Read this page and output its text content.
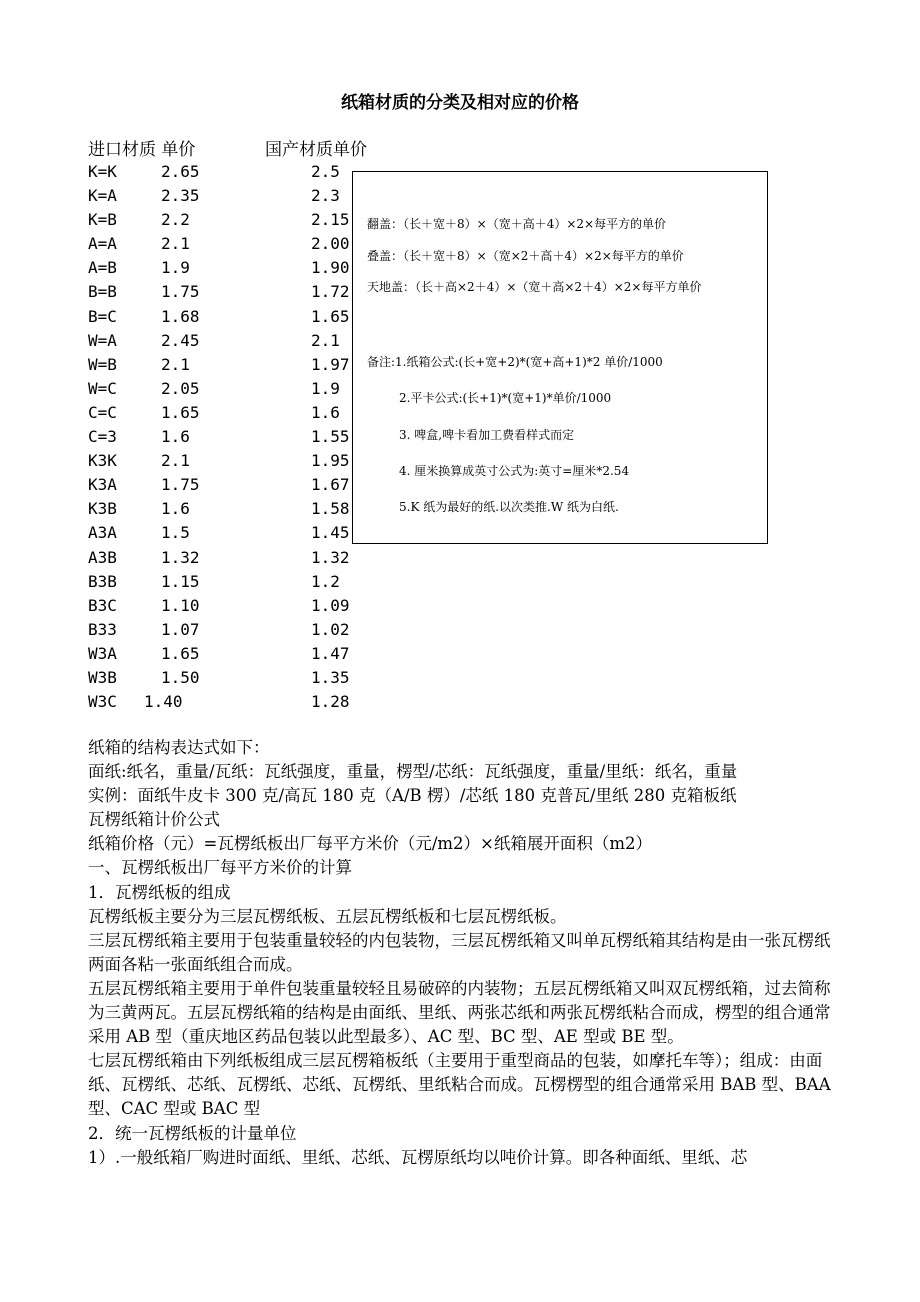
纸箱材质的分类及相对应的价格
进口材质 单价	国产材质单价
K=K	2.65	2.5
K=A	2.35	2.3
K=B	2.2	2.15
A=A	2.1	2.00
A=B	1.9	1.90
B=B	1.75	1.72
B=C	1.68	1.65
W=A	2.45	2.1
W=B	2.1	1.97
W=C	2.05	1.9
C=C	1.65	1.6
C=3	1.6	1.55
K3K	2.1	1.95
K3A	1.75	1.67
K3B	1.6	1.58
A3A	1.5	1.45
A3B	1.32	1.32
B3B	1.15	1.2
B3C	1.10	1.09
B33	1.07	1.02
W3A	1.65	1.47
W3B	1.50	1.35
W3C 1.40	1.28

翻盖：（长＋宽＋8）×（宽＋高＋4）×2×每平方的单价

叠盖：（长＋宽＋8）×（宽×2＋高＋4）×2×每平方的单价

天地盖：（长＋高×2＋4）×（宽＋高×2＋4）×2×每平方单价

备注:1.纸箱公式:(长+宽+2)*(宽+高+1)*2 单价/1000

2.平卡公式:(长+1)*(宽+1)*单价/1000

3. 啤盒,啤卡看加工费看样式而定

4. 厘米换算成英寸公式为:英寸=厘米*2.54

5.K 纸为最好的纸.以次类推.W 纸为白纸.

纸箱的结构表达式如下：

面纸:纸名，重量/瓦纸：瓦纸强度，重量，楞型/芯纸：瓦纸强度，重量/里纸：纸名，重量

实例：面纸牛皮卡 300 克/高瓦 180 克（A/B 楞）/芯纸 180 克普瓦/里纸 280 克箱板纸

瓦楞纸箱计价公式

纸箱价格（元）=瓦楞纸板出厂每平方米价（元/m2）×纸箱展开面积（m2）

一、瓦楞纸板出厂每平方米价的计算

1．瓦楞纸板的组成

瓦楞纸板主要分为三层瓦楞纸板、五层瓦楞纸板和七层瓦楞纸板。

三层瓦楞纸箱主要用于包装重量较轻的内包装物，三层瓦楞纸箱又叫单瓦楞纸箱其结构是由一张瓦楞纸两面各粘一张面纸组合而成。

五层瓦楞纸箱主要用于单件包装重量较轻且易破碎的内装物；五层瓦楞纸箱又叫双瓦楞纸箱，过去简称为三黄两瓦。五层瓦楞纸箱的结构是由面纸、里纸、两张芯纸和两张瓦楞纸粘合而成，楞型的组合通常采用 AB 型（重庆地区药品包装以此型最多）、AC 型、BC 型、AE 型或 BE 型。

七层瓦楞纸箱由下列纸板组成三层瓦楞箱板纸（主要用于重型商品的包装，如摩托车等）；组成：由面纸、瓦楞纸、芯纸、瓦楞纸、芯纸、瓦楞纸、里纸粘合而成。瓦楞楞型的组合通常采用 BAB 型、BAA 型、CAC 型或 BAC 型

2．统一瓦楞纸板的计量单位

1）.一般纸箱厂购进时面纸、里纸、芯纸、瓦楞原纸均以吨价计算。即各种面纸、里纸、芯
